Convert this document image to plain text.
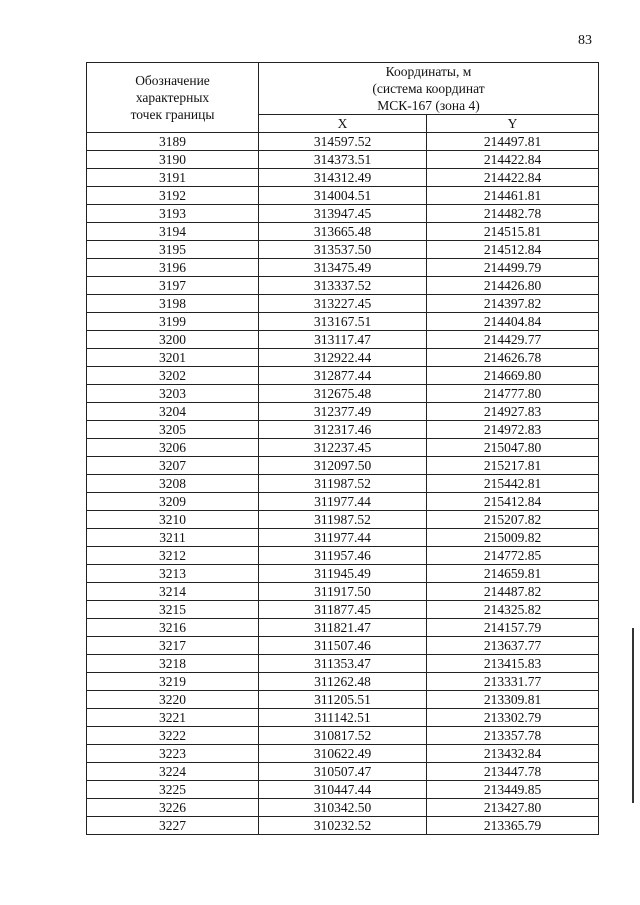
83
Обозначение
характерных
точек границы	Координаты, м
(система координат
МСК-167 (зона 4)	

	X	Y
3189	314597.52	214497.81
3190	314373.51	214422.84
3191	314312.49	214422.84
3192	314004.51	214461.81
3193	313947.45	214482.78
3194	313665.48	214515.81
3195	313537.50	214512.84
3196	313475.49	214499.79
3197	313337.52	214426.80
3198	313227.45	214397.82
3199	313167.51	214404.84
3200	313117.47	214429.77
3201	312922.44	214626.78
3202	312877.44	214669.80
3203	312675.48	214777.80
3204	312377.49	214927.83
3205	312317.46	214972.83
3206	312237.45	215047.80
3207	312097.50	215217.81
3208	311987.52	215442.81
3209	311977.44	215412.84
3210	311987.52	215207.82
3211	311977.44	215009.82
3212	311957.46	214772.85
3213	311945.49	214659.81
3214	311917.50	214487.82
3215	311877.45	214325.82
3216	311821.47	214157.79
3217	311507.46	213637.77
3218	311353.47	213415.83
3219	311262.48	213331.77
3220	311205.51	213309.81
3221	311142.51	213302.79
3222	310817.52	213357.78
3223	310622.49	213432.84
3224	310507.47	213447.78
3225	310447.44	213449.85
3226	310342.50	213427.80
3227	310232.52	213365.79
